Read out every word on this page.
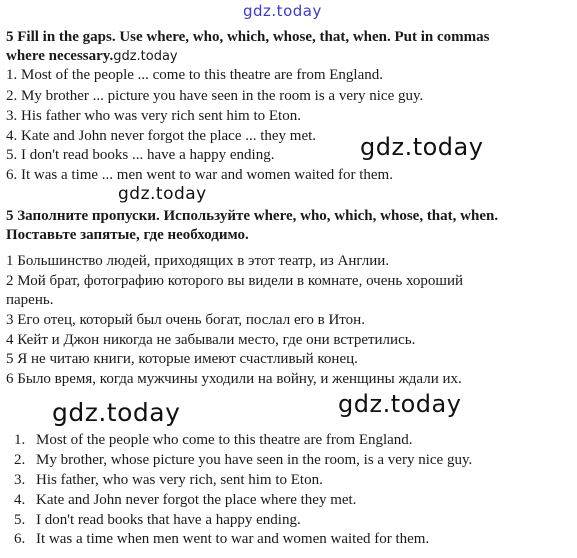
gdz.today
gdz.today
gdz.today
gdz.today	gdz.today
5 Fill in the gaps. Use where, who, which, whose, that, when. Put in commas
where necessary.gdz.today
1. Most of the people ... come to this theatre are from England.
2. My brother ... picture you have seen in the room is a very nice guy.
3. His father who was very rich sent him to Eton.
4. Kate and John never forgot the place ... they met.
5. I don't read books ... have a happy ending.
6. It was a time ... men went to war and women waited for them.
5 Заполните пропуски. Используйте where, who, which, whose, that, when.
Поставьте запятые, где необходимо.
1 Большинство людей, приходящих в этот театр, из Англии.
2 Мой брат, фотографию которого вы видели в комнате, очень хороший
парень.
3 Его отец, который был очень богат, послал его в Итон.
4 Кейт и Джон никогда не забывали место, где они встретились.
5 Я не читаю книги, которые имеют счастливый конец.
6 Было время, когда мужчины уходили на войну, и женщины ждали их.
1. Most of the people who come to this theatre are from England.
2. My brother, whose picture you have seen in the room, is a very nice guy.
3. His father, who was very rich, sent him to Eton.
4. Kate and John never forgot the place where they met.
5. I don't read books that have a happy ending.
6. It was a time when men went to war and women waited for them.
